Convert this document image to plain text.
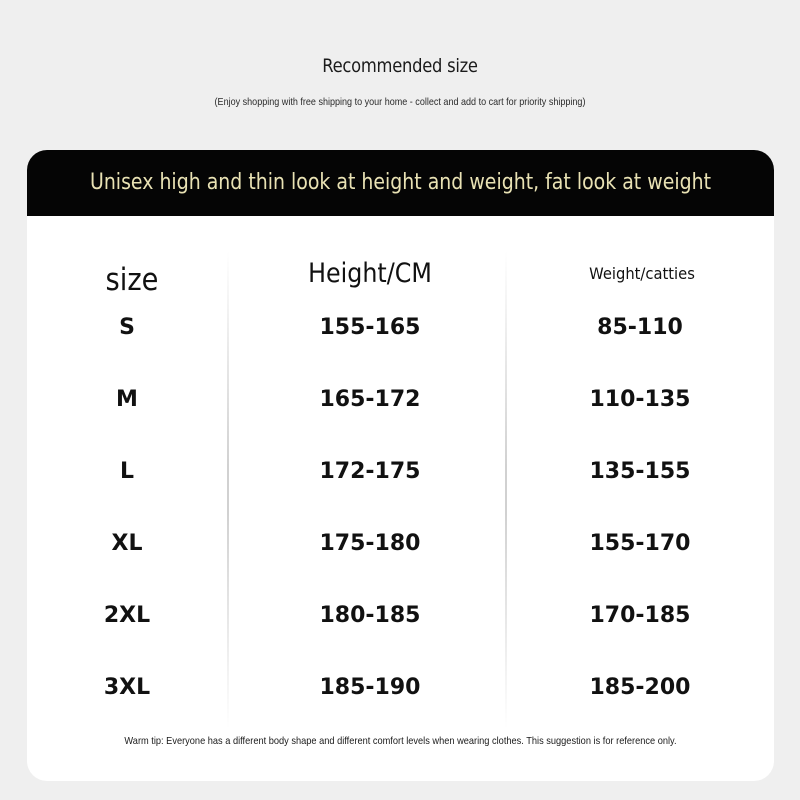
Recommended size
(Enjoy shopping with free shipping to your home - collect and add to cart for priority shipping)
Unisex high and thin look at height and weight, fat look at weight
size	Height/CM	Weight/catties
S	155-165	85-110
M	165-172	110-135
L	172-175	135-155
XL	175-180	155-170
2XL	180-185	170-185
3XL	185-190	185-200
Warm tip: Everyone has a different body shape and different comfort levels when wearing clothes. This suggestion is for reference only.
